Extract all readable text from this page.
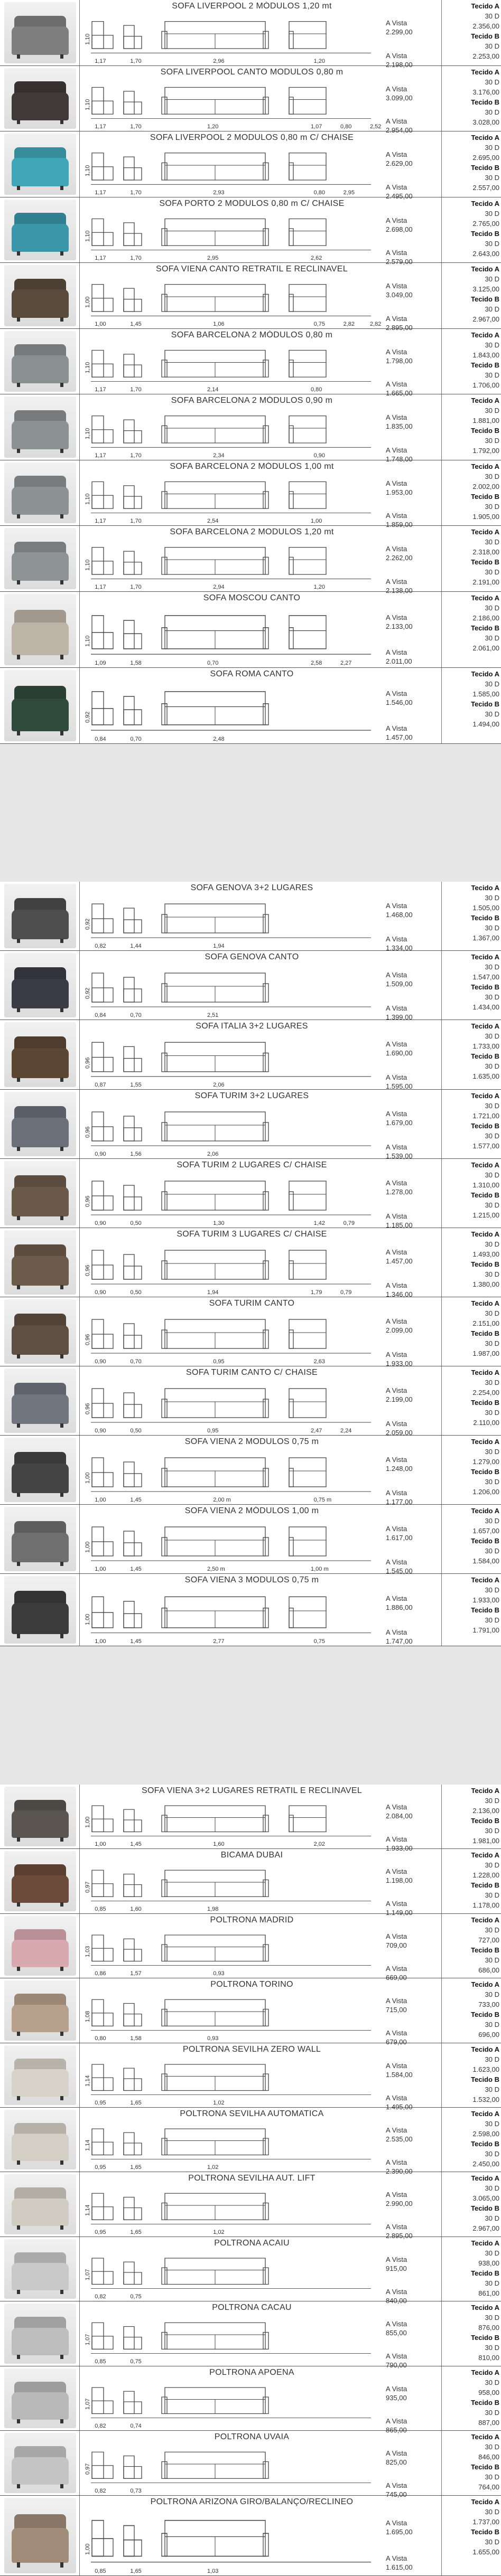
SOFA LIVERPOOL 2 MÓDULOS 1,20 mt
1,10
1,17	1,70	2,96	1,20
A Vista
2.299,00
A Vista
2.198,00
Tecido A
30 D
2.356,00
Tecido B
30 D
2.253,00
SOFA LIVERPOOL CANTO MODULOS 0,80 m
1,10
1,17	1,70	1,20	1,07	0,80	2,52
A Vista
3.099,00
A Vista
2.954,00
Tecido A
30 D
3.176,00
Tecido B
30 D
3.028,00
SOFA LIVERPOOL 2 MODULOS 0,80 m C/ CHAISE
1,10
1,17	1,70	2,93	0,80	2,95
A Vista
2.629,00
A Vista
2.495,00
Tecido A
30 D
2.695,00
Tecido B
30 D
2.557,00
SOFA PORTO 2 MODULOS 0,80 m C/ CHAISE
1,10
1,17	1,70	2,95	2,62
A Vista
2.698,00
A Vista
2.579,00
Tecido A
30 D
2.765,00
Tecido B
30 D
2.643,00
SOFA VIENA CANTO RETRATIL E RECLINAVEL
1,00
1,00	1,45	1,06	0,75	2,82	2,82
A Vista
3.049,00
A Vista
2.895,00
Tecido A
30 D
3.125,00
Tecido B
30 D
2.967,00
SOFA BARCELONA 2 MÓDULOS 0,80 m
1,10
1,17	1,70	2,14	0,80
A Vista
1.798,00
A Vista
1.665,00
Tecido A
30 D
1.843,00
Tecido B
30 D
1.706,00
SOFA BARCELONA 2 MÓDULOS 0,90 m
1,10
1,17	1,70	2,34	0,90
A Vista
1.835,00
A Vista
1.748,00
Tecido A
30 D
1.881,00
Tecido B
30 D
1.792,00
SOFA BARCELONA 2 MÓDULOS 1,00 mt
1,10
1,17	1,70	2,54	1,00
A Vista
1.953,00
A Vista
1.859,00
Tecido A
30 D
2.002,00
Tecido B
30 D
1.905,00
SOFA BARCELONA 2 MODULOS 1,20 mt
1,10
1,17	1,70	2,94	1,20
A Vista
2.262,00
A Vista
2.138,00
Tecido A
30 D
2.318,00
Tecido B
30 D
2.191,00
SOFA MOSCOU CANTO
1,10
1,09	1,58	0,70	2,58	2,27
A Vista
2.133,00
A Vista
2.011,00
Tecido A
30 D
2.186,00
Tecido B
30 D
2.061,00
SOFA ROMA CANTO
0,92
0,84	0,70	2,48
A Vista
1.546,00
A Vista
1.457,00
Tecido A
30 D
1.585,00
Tecido B
30 D
1.494,00
SOFA GENOVA 3+2 LUGARES
0,92
0,82	1,44	1,94
A Vista
1.468,00
A Vista
1.334,00
Tecido A
30 D
1.505,00
Tecido B
30 D
1.367,00
SOFA GENOVA CANTO
0,92
0,84	0,70	2,51
A Vista
1.509,00
A Vista
1.399,00
Tecido A
30 D
1.547,00
Tecido B
30 D
1.434,00
SOFA ITALIA 3+2 LUGARES
0,96
0,87	1,55	2,06
A Vista
1.690,00
A Vista
1.595,00
Tecido A
30 D
1.733,00
Tecido B
30 D
1.635,00
SOFA TURIM 3+2 LUGARES
0,96
0,90	1,56	2,06
A Vista
1.679,00
A Vista
1.539,00
Tecido A
30 D
1.721,00
Tecido B
30 D
1.577,00
SOFA TURIM 2 LUGARES C/ CHAISE
0,96
0,90	0,50	1,30	1,42	0,79
A Vista
1.278,00
A Vista
1.185,00
Tecido A
30 D
1.310,00
Tecido B
30 D
1.215,00
SOFA TURIM 3 LUGARES C/ CHAISE
0,96
0,90	0,50	1,94	1,79	0,79
A Vista
1.457,00
A Vista
1.346,00
Tecido A
30 D
1.493,00
Tecido B
30 D
1.380,00
SOFA TURIM CANTO
0,96
0,90	0,70	0,95	2,63
A Vista
2.099,00
A Vista
1.933,00
Tecido A
30 D
2.151,00
Tecido B
30 D
1.987,00
SOFA TURIM CANTO C/ CHAISE
0,96
0,90	0,50	0,95	2,47	2,24
A Vista
2.199,00
A Vista
2.059,00
Tecido A
30 D
2.254,00
Tecido B
30 D
2.110,00
SOFA VIENA 2 MODULOS 0,75 m
1,00
1,00	1,45	2,00 m	0,75 m
A Vista
1.248,00
A Vista
1.177,00
Tecido A
30 D
1.279,00
Tecido B
30 D
1.206,00
SOFA VIENA 2 MÓDULOS 1,00 m
1,00
1,00	1,45	2,50 m	1,00 m
A Vista
1.617,00
A Vista
1.545,00
Tecido A
30 D
1.657,00
Tecido B
30 D
1.584,00
SOFA VIENA 3 MODULOS 0,75 m
1,00
1,00	1,45	2,77	0,75
A Vista
1.886,00
A Vista
1.747,00
Tecido A
30 D
1.933,00
Tecido B
30 D
1.791,00
SOFA VIENA 3+2 LUGARES RETRATIL E RECLINAVEL
1,00
1,00	1,45	1,60	2,02
A Vista
2.084,00
A Vista
1.933,00
Tecido A
30 D
2.136,00
Tecido B
30 D
1.981,00
BICAMA DUBAI
0,97
0,85	1,60	1,98
A Vista
1.198,00
A Vista
1.149,00
Tecido A
30 D
1.228,00
Tecido B
30 D
1.178,00
POLTRONA MADRID
1,03
0,86	1,57	0,93
A Vista
709,00
A Vista
669,00
Tecido A
30 D
727,00
Tecido B
30 D
686,00
POLTRONA TORINO
1,08
0,80	1,58	0,93
A Vista
715,00
A Vista
679,00
Tecido A
30 D
733,00
Tecido B
30 D
696,00
POLTRONA SEVILHA ZERO WALL
1,14
0,95	1,65	1,02
A Vista
1.584,00
A Vista
1.495,00
Tecido A
30 D
1.623,00
Tecido B
30 D
1.532,00
POLTRONA SEVILHA AUTOMATICA
1,14
0,95	1,65	1,02
A Vista
2.535,00
A Vista
2.390,00
Tecido A
30 D
2.598,00
Tecido B
30 D
2.450,00
POLTRONA SEVILHA AUT. LIFT
1,14
0,95	1,65	1,02
A Vista
2.990,00
A Vista
2.895,00
Tecido A
30 D
3.065,00
Tecido B
30 D
2.967,00
POLTRONA ACAIU
1,07
0,82	0,75
A Vista
915,00
A Vista
840,00
Tecido A
30 D
938,00
Tecido B
30 D
861,00
POLTRONA CACAU
1,07
0,85	0,75
A Vista
855,00
A Vista
790,00
Tecido A
30 D
876,00
Tecido B
30 D
810,00
POLTRONA APOENA
1,07
0,82	0,74
A Vista
935,00
A Vista
865,00
Tecido A
30 D
958,00
Tecido B
30 D
887,00
POLTRONA UVAIA
0,97
0,82	0,73
A Vista
825,00
A Vista
745,00
Tecido A
30 D
846,00
Tecido B
30 D
764,00
POLTRONA ARIZONA GIRO/BALANÇO/RECLINEO
1,00
0,85	1,65	1,03
A Vista
1.695,00
A Vista
1.615,00
Tecido A
30 D
1.737,00
Tecido B
30 D
1.655,00
